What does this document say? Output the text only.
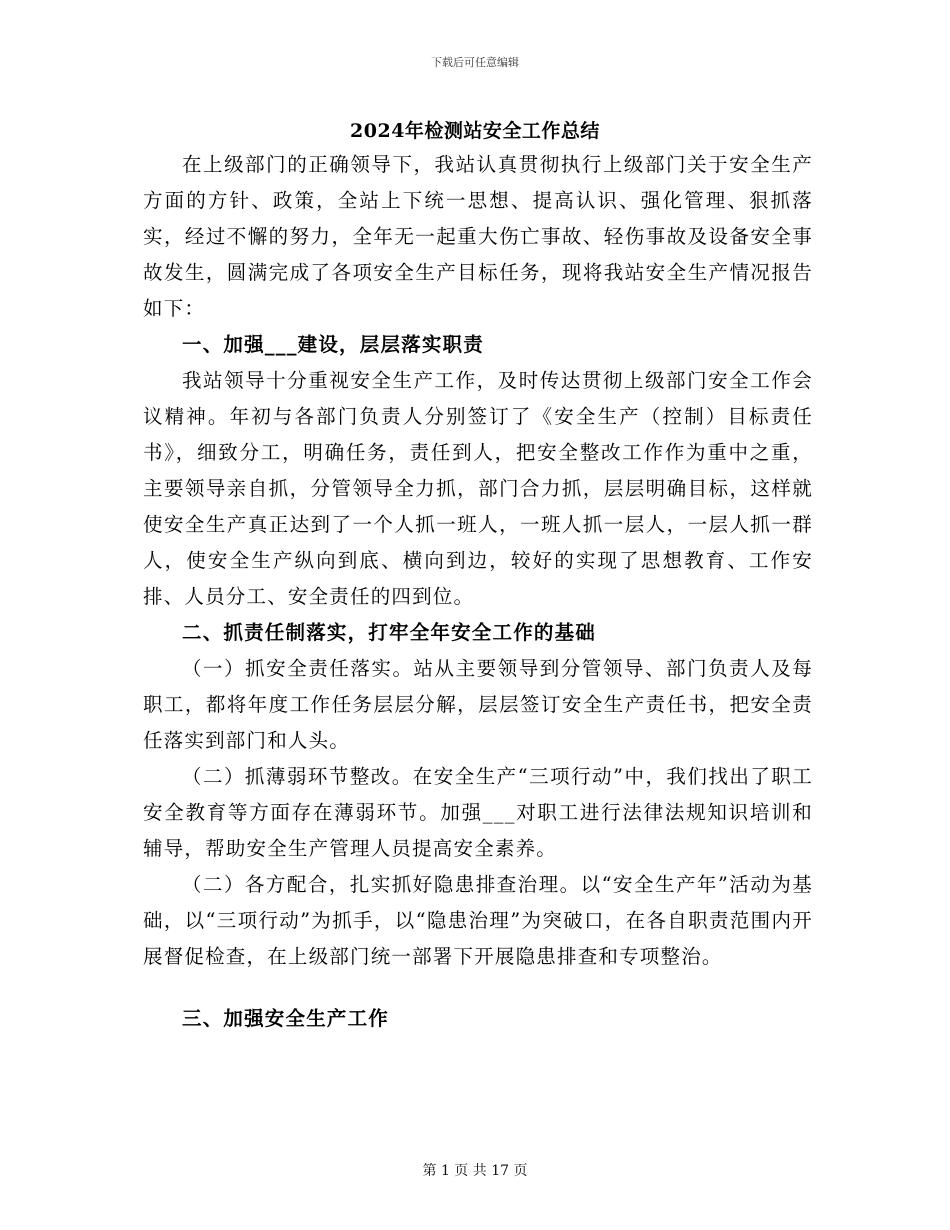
下载后可任意编辑
2024年检测站安全工作总结

在上级部门的正确领导下，我站认真贯彻执行上级部门关于安全生产方面的方针、政策，全站上下统一思想、提高认识、强化管理、狠抓落实，经过不懈的努力，全年无一起重大伤亡事故、轻伤事故及设备安全事故发生，圆满完成了各项安全生产目标任务，现将我站安全生产情况报告如下：

一、加强___建设，层层落实职责

我站领导十分重视安全生产工作，及时传达贯彻上级部门安全工作会议精神。年初与各部门负责人分别签订了《安全生产（控制）目标责任书》，细致分工，明确任务，责任到人，把安全整改工作作为重中之重，主要领导亲自抓，分管领导全力抓，部门合力抓，层层明确目标，这样就使安全生产真正达到了一个人抓一班人，一班人抓一层人，一层人抓一群人，使安全生产纵向到底、横向到边，较好的实现了思想教育、工作安排、人员分工、安全责任的四到位。

二、抓责任制落实，打牢全年安全工作的基础

（一）抓安全责任落实。站从主要领导到分管领导、部门负责人及每职工，都将年度工作任务层层分解，层层签订安全生产责任书，把安全责任落实到部门和人头。

（二）抓薄弱环节整改。在安全生产“三项行动”中，我们找出了职工安全教育等方面存在薄弱环节。加强___对职工进行法律法规知识培训和辅导，帮助安全生产管理人员提高安全素养。

（二）各方配合，扎实抓好隐患排查治理。以“安全生产年”活动为基础，以“三项行动”为抓手，以“隐患治理”为突破口，在各自职责范围内开展督促检查，在上级部门统一部署下开展隐患排查和专项整治。

三、加强安全生产工作

第 1 页 共 17 页
